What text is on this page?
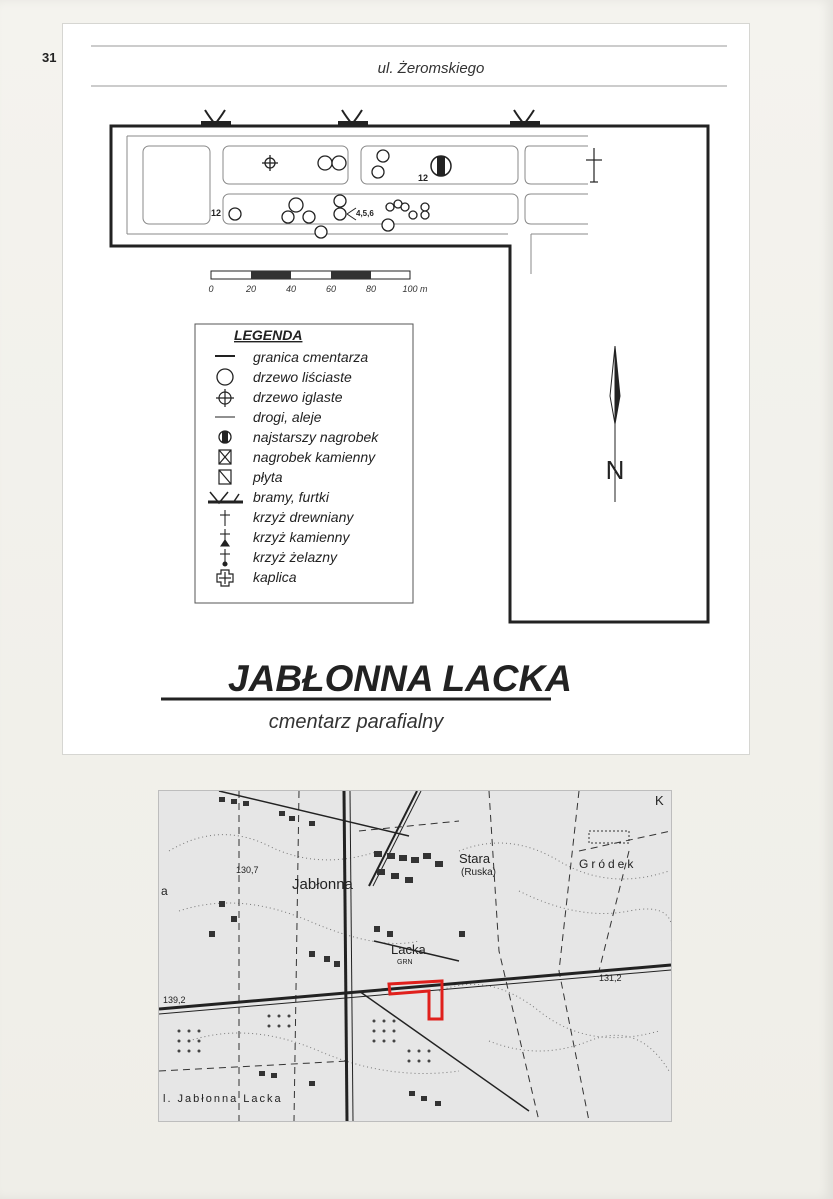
31
ul. Żeromskiego
12
12	4,5,6
0	20	40	60	80	100 m
LEGENDA
granica cmentarza
drzewo liściaste
drzewo iglaste
drogi, aleje
najstarszy nagrobek
nagrobek kamienny
płyta
bramy, furtki
krzyż drewniany
krzyż kamienny
krzyż żelazny
kaplica
N
JABŁONNA LACKA
cmentarz parafialny
Jabłonna
Stara
(Ruska)
Gródek
Lacka
GRN
130,7
131,2
139,2
l. Jabłonna Lacka
K
a
